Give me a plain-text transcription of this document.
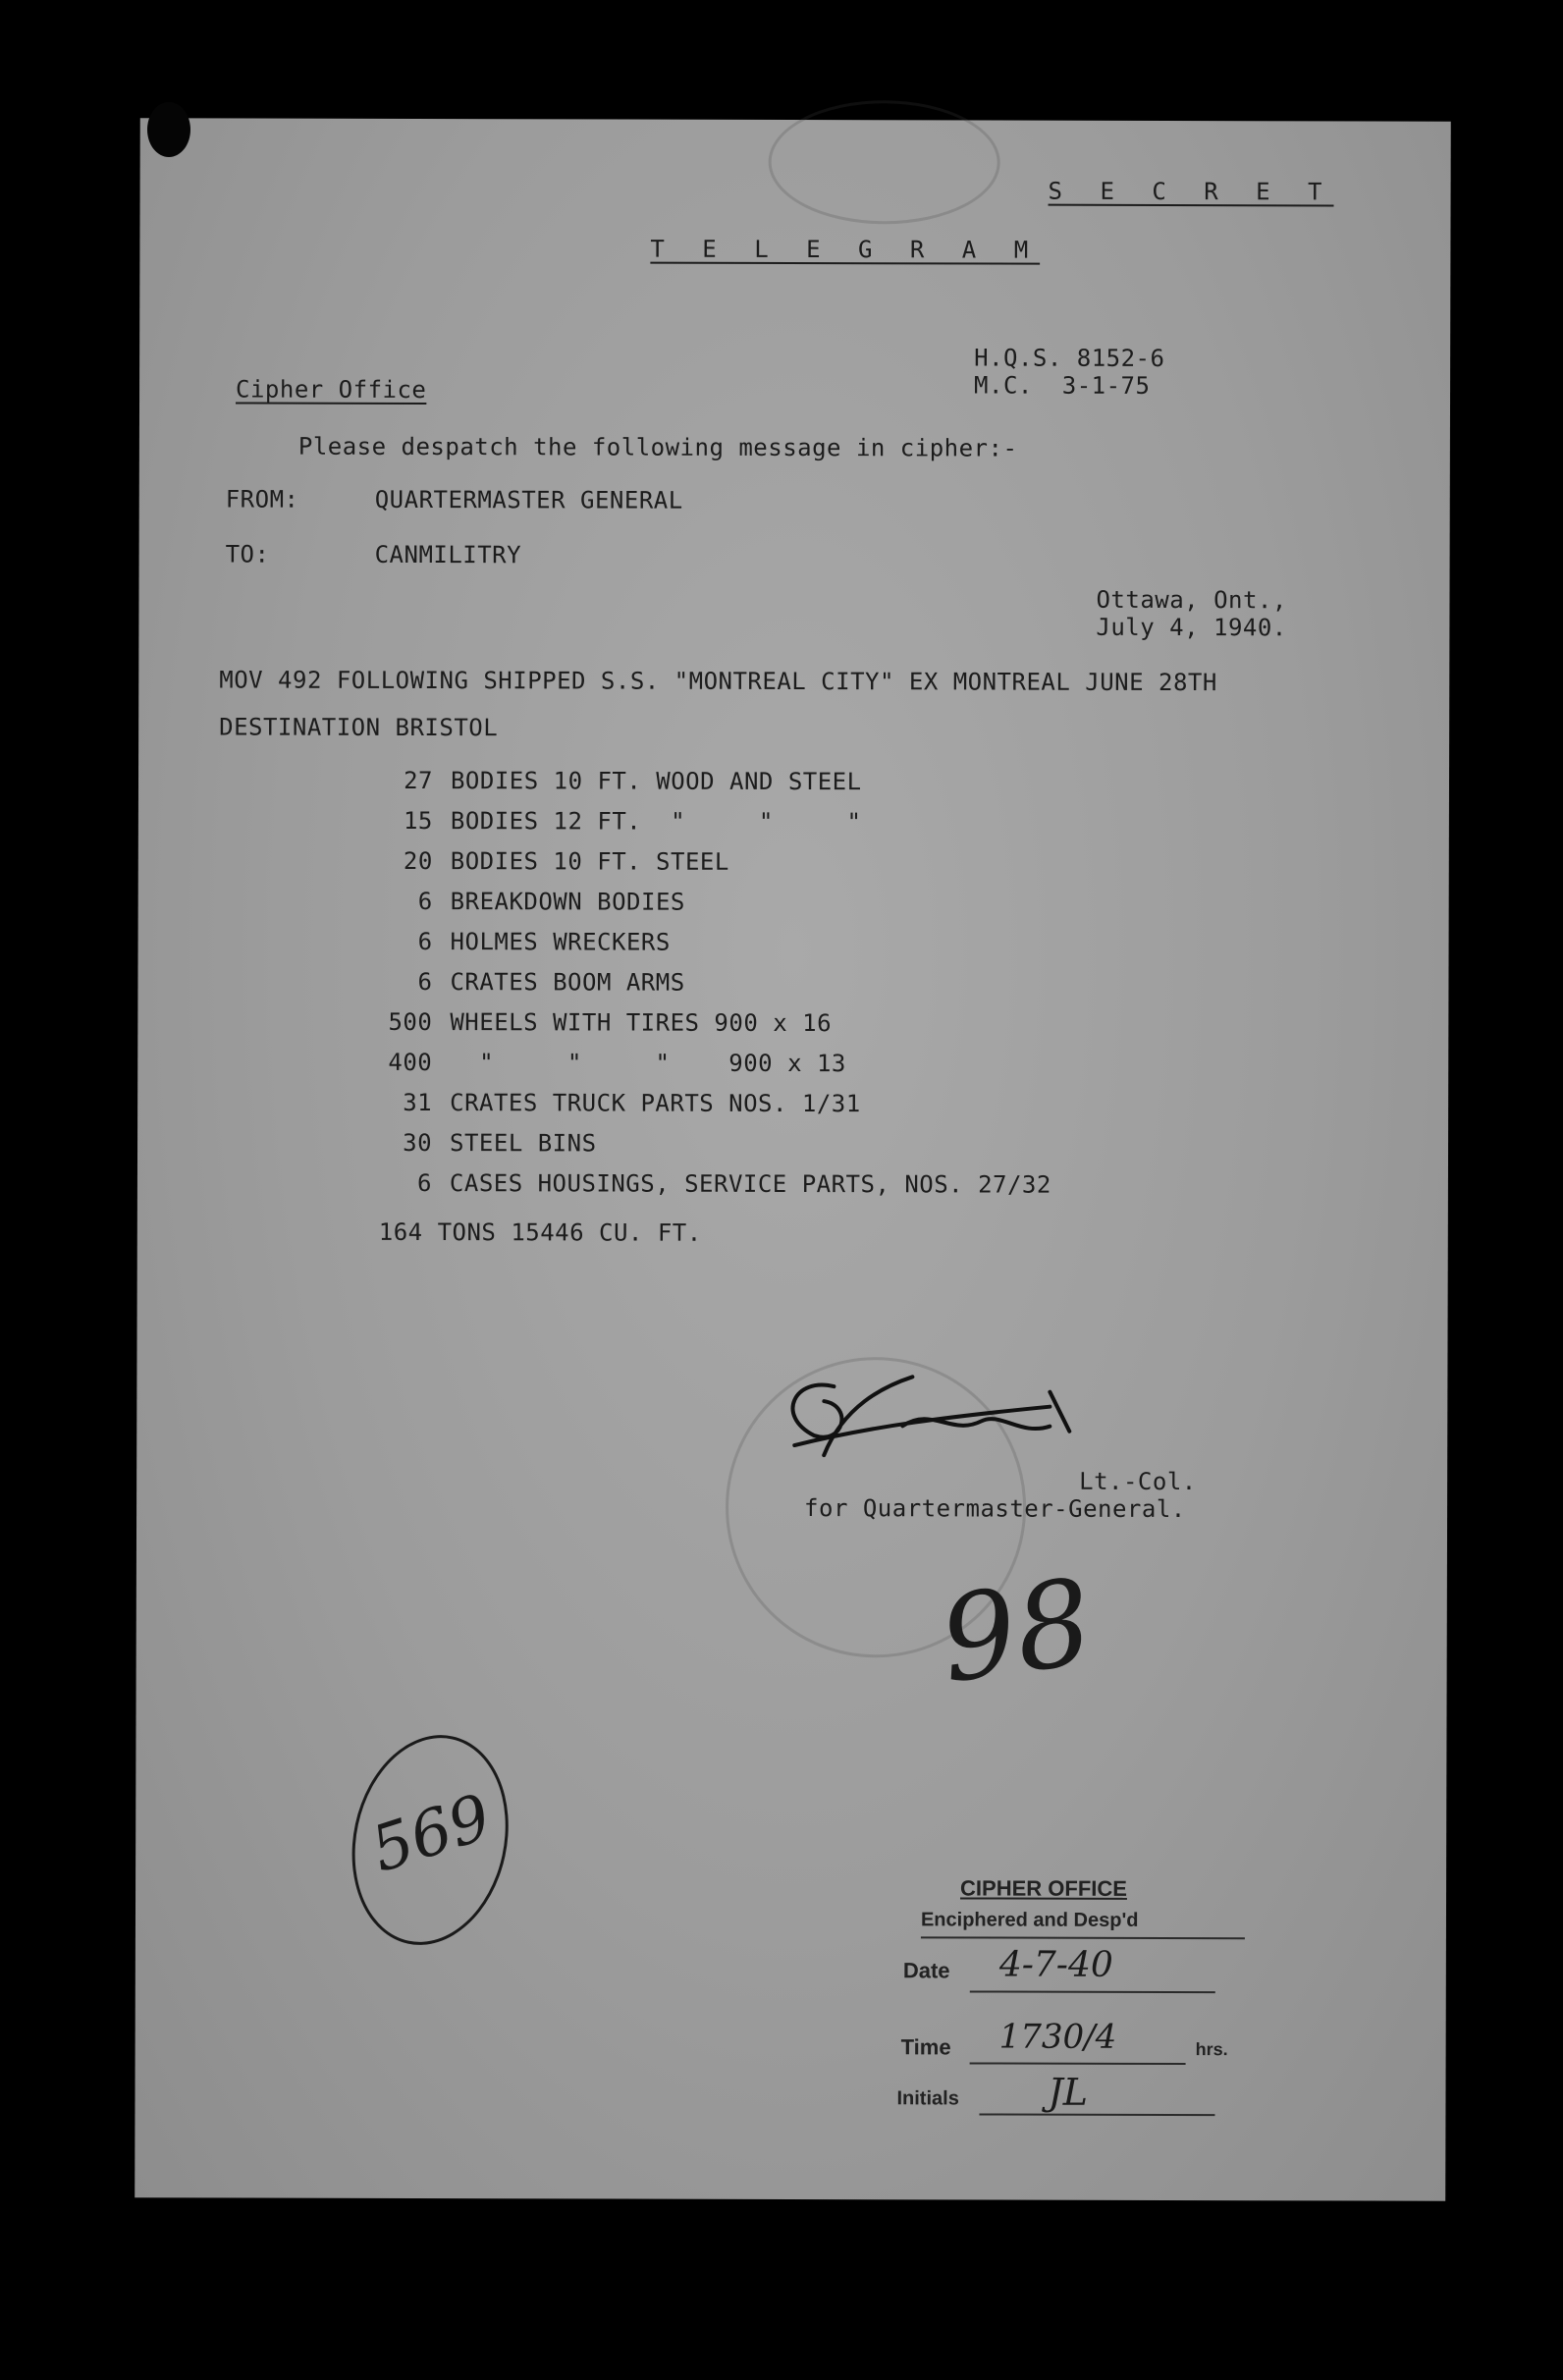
S E C R E T
T E L E G R A M
H.Q.S. 8152-6
M.C.  3-1-75
Cipher Office
Please despatch the following message in cipher:-
FROM:	QUARTERMASTER GENERAL
TO:	CANMILITRY
Ottawa, Ont.,
July 4, 1940.
MOV 492 FOLLOWING SHIPPED S.S. "MONTREAL CITY" EX MONTREAL JUNE 28TH
DESTINATION BRISTOL
27 BODIES 10 FT. WOOD AND STEEL
15 BODIES 12 FT.  "     "     "
20 BODIES 10 FT. STEEL
6 BREAKDOWN BODIES
6 HOLMES WRECKERS
6 CRATES BOOM ARMS
500 WHEELS WITH TIRES 900 x 16
400  "     "     "    900 x 13
31 CRATES TRUCK PARTS NOS. 1/31
30 STEEL BINS
6 CASES HOUSINGS, SERVICE PARTS, NOS. 27/32
164 TONS 15446 CU. FT.
Lt.-Col.
for Quartermaster-General.
98
569
CIPHER OFFICE
Enciphered and Desp'd
Date 4-7-40
Time 1730/4	hrs.
Initials JL
